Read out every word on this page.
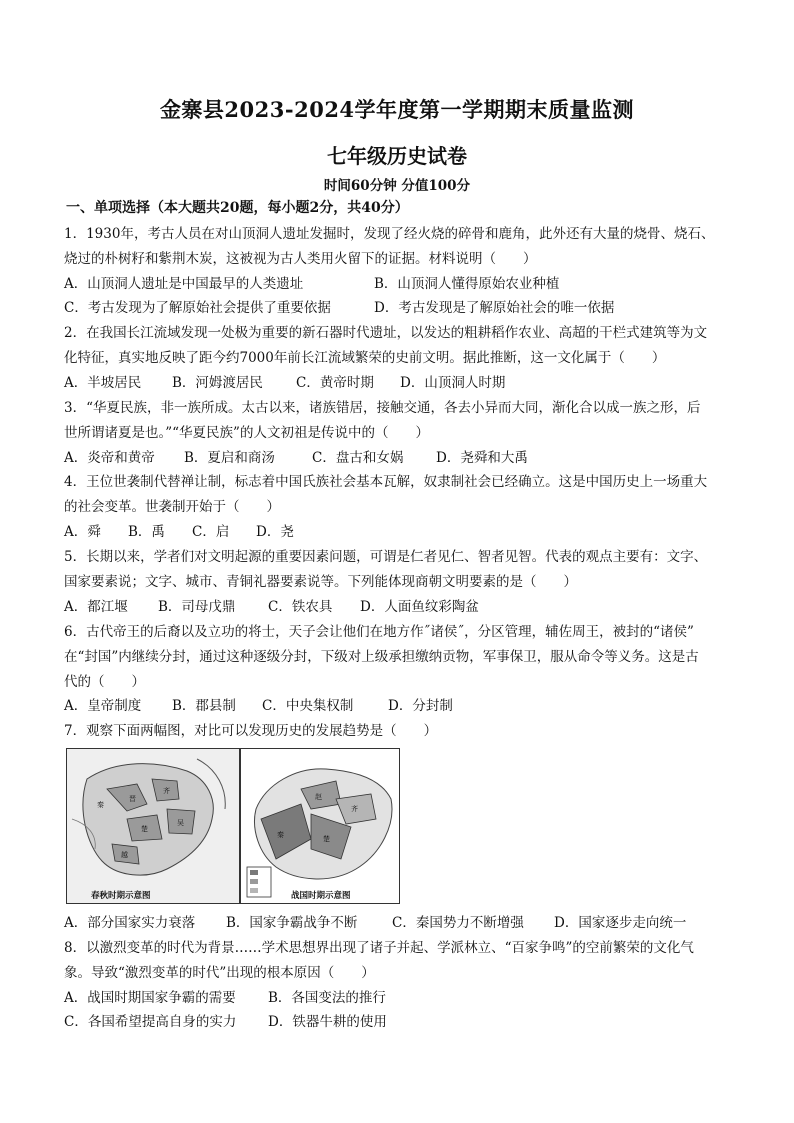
金寨县2023-2024学年度第一学期期末质量监测
七年级历史试卷
时间60分钟 分值100分
一、单项选择（本大题共20题，每小题2分，共40分）
1．1930年，考古人员在对山顶洞人遗址发掘时，发现了经火烧的碎骨和鹿角，此外还有大量的烧骨、烧石、
烧过的朴树籽和紫荆木炭，这被视为古人类用火留下的证据。材料说明（　　）
A．山顶洞人遗址是中国最早的人类遗址	B．山顶洞人懂得原始农业种植
C．考古发现为了解原始社会提供了重要依据	D．考古发现是了解原始社会的唯一依据
2．在我国长江流域发现一处极为重要的新石器时代遗址，以发达的粗耕稻作农业、高超的干栏式建筑等为文
化特征，真实地反映了距今约7000年前长江流域繁荣的史前文明。据此推断，这一文化属于（　　）
A．半坡居民	B．河姆渡居民	C．黄帝时期	D．山顶洞人时期
3．“华夏民族，非一族所成。太古以来，诸族错居，接触交通，各去小异而大同，渐化合以成一族之形，后
世所谓诸夏是也。”“华夏民族”的人文初祖是传说中的（　　）
A．炎帝和黄帝	B．夏启和商汤	C．盘古和女娲	D．尧舜和大禹
4．王位世袭制代替禅让制，标志着中国氏族社会基本瓦解，奴隶制社会已经确立。这是中国历史上一场重大
的社会变革。世袭制开始于（　　）
A．舜	B．禹	C．启	D．尧
5．长期以来，学者们对文明起源的重要因素问题，可谓是仁者见仁、智者见智。代表的观点主要有：文字、
国家要素说；文字、城市、青铜礼器要素说等。下列能体现商朝文明要素的是（　　）
A．都江堰	B．司母戊鼎	C．铁农具	D．人面鱼纹彩陶盆
6．古代帝王的后裔以及立功的将士，天子会让他们在地方作˝诸侯˝，分区管理，辅佐周王，被封的“诸侯”
在“封国”内继续分封，通过这种逐级分封，下级对上级承担缴纳贡物，军事保卫，服从命令等义务。这是古
代的（　　）
A．皇帝制度	B．郡县制	C．中央集权制	D．分封制
7．观察下面两幅图，对比可以发现历史的发展趋势是（　　）
晋
齐
楚
吴
越
秦
春秋时期示意图
秦
赵
齐
楚
战国时期示意图
A．部分国家实力衰落	B．国家争霸战争不断	C．秦国势力不断增强	D．国家逐步走向统一
8．以激烈变革的时代为背景……学术思想界出现了诸子并起、学派林立、“百家争鸣”的空前繁荣的文化气
象。导致“激烈变革的时代”出现的根本原因（　　）
A．战国时期国家争霸的需要	B．各国变法的推行
C．各国希望提高自身的实力	D．铁器牛耕的使用
